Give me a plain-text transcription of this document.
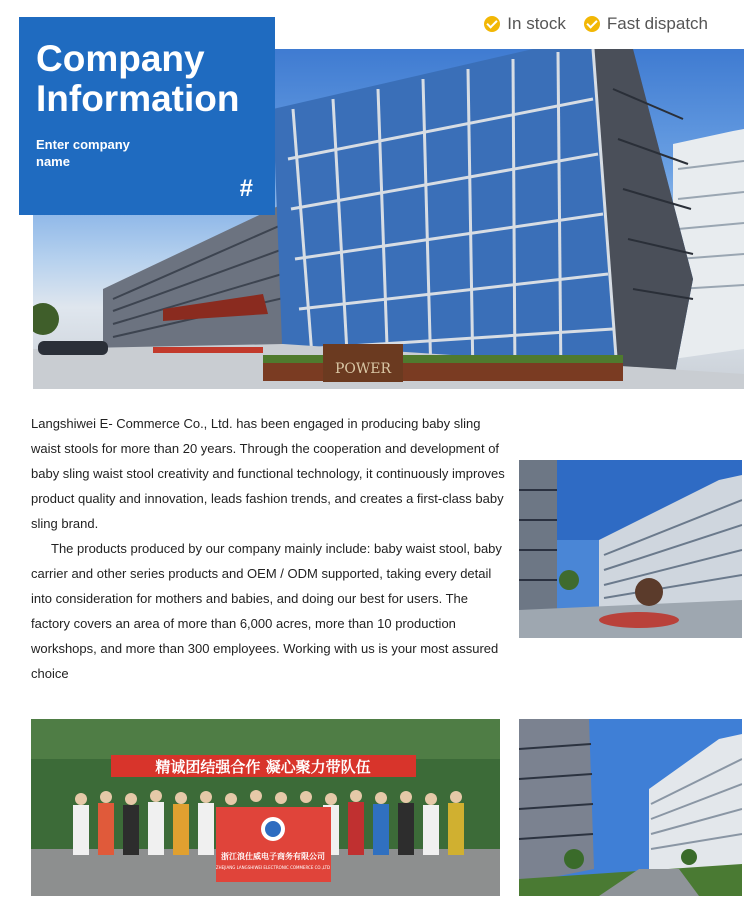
In stock Fast dispatch
POWER
Company Information
Enter company name
#

Langshiwei E- Commerce Co., Ltd. has been engaged in producing baby sling waist stools for more than 20 years. Through the cooperation and development of baby sling waist stool creativity and functional technology, it continuously improves product quality and innovation, leads fashion trends, and creates a first-class baby sling brand.

The products produced by our company mainly include: baby waist stool, baby carrier and other series products and OEM / ODM supported, taking every detail into consideration for mothers and babies, and doing our best for users. The factory covers an area of more than 6,000 acres, more than 10 production workshops, and more than 300 employees. Working with us is your most assured choice

精诚团结强合作 凝心聚力带队伍
浙江浪仕威电子商务有限公司
ZHEJIANG LANGSHIWEI ELECTRONIC COMMERCE CO.,LTD
